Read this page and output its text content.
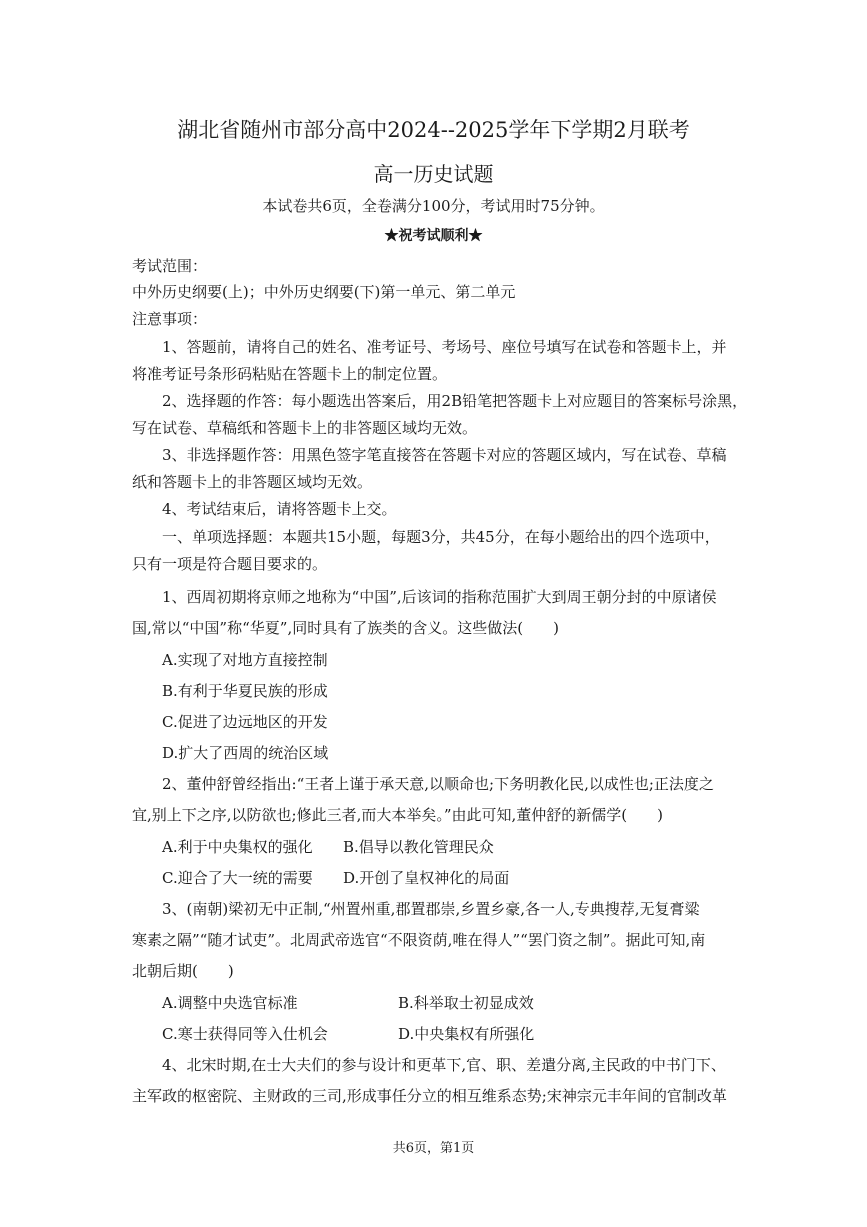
湖北省随州市部分高中2024--2025学年下学期2月联考
高一历史试题
本试卷共6页，全卷满分100分，考试用时75分钟。
★祝考试顺利★
考试范围：
中外历史纲要(上)；中外历史纲要(下)第一单元、第二单元
注意事项：
1、答题前，请将自己的姓名、准考证号、考场号、座位号填写在试卷和答题卡上，并
将准考证号条形码粘贴在答题卡上的制定位置。
2、选择题的作答：每小题选出答案后，用2B铅笔把答题卡上对应题目的答案标号涂黑，
写在试卷、草稿纸和答题卡上的非答题区域均无效。
3、非选择题作答：用黑色签字笔直接答在答题卡对应的答题区域内，写在试卷、草稿
纸和答题卡上的非答题区域均无效。
4、考试结束后，请将答题卡上交。
一、单项选择题：本题共15小题，每题3分，共45分，在每小题给出的四个选项中，
只有一项是符合题目要求的。
1、西周初期将京师之地称为“中国”,后该词的指称范围扩大到周王朝分封的中原诸侯
国,常以“中国”称“华夏”,同时具有了族类的含义。这些做法(　　)
A.实现了对地方直接控制
B.有利于华夏民族的形成
C.促进了边远地区的开发
D.扩大了西周的统治区域
2、董仲舒曾经指出:“王者上谨于承天意,以顺命也;下务明教化民,以成性也;正法度之
宜,别上下之序,以防欲也;修此三者,而大本举矣。”由此可知,董仲舒的新儒学(　　)
A.利于中央集权的强化 B.倡导以教化管理民众
C.迎合了大一统的需要 D.开创了皇权神化的局面
3、(南朝)梁初无中正制,“州置州重,郡置郡崇,乡置乡豪,各一人,专典搜荐,无复膏粱
寒素之隔”“随才试吏”。北周武帝选官“不限资荫,唯在得人”“罢门资之制”。据此可知,南
北朝后期(　　)
A.调整中央选官标准	B.科举取士初显成效
C.寒士获得同等入仕机会	D.中央集权有所强化
4、北宋时期,在士大夫们的参与设计和更革下,官、职、差遣分离,主民政的中书门下、
主军政的枢密院、主财政的三司,形成事任分立的相互维系态势;宋神宗元丰年间的官制改革
共6页，第1页
